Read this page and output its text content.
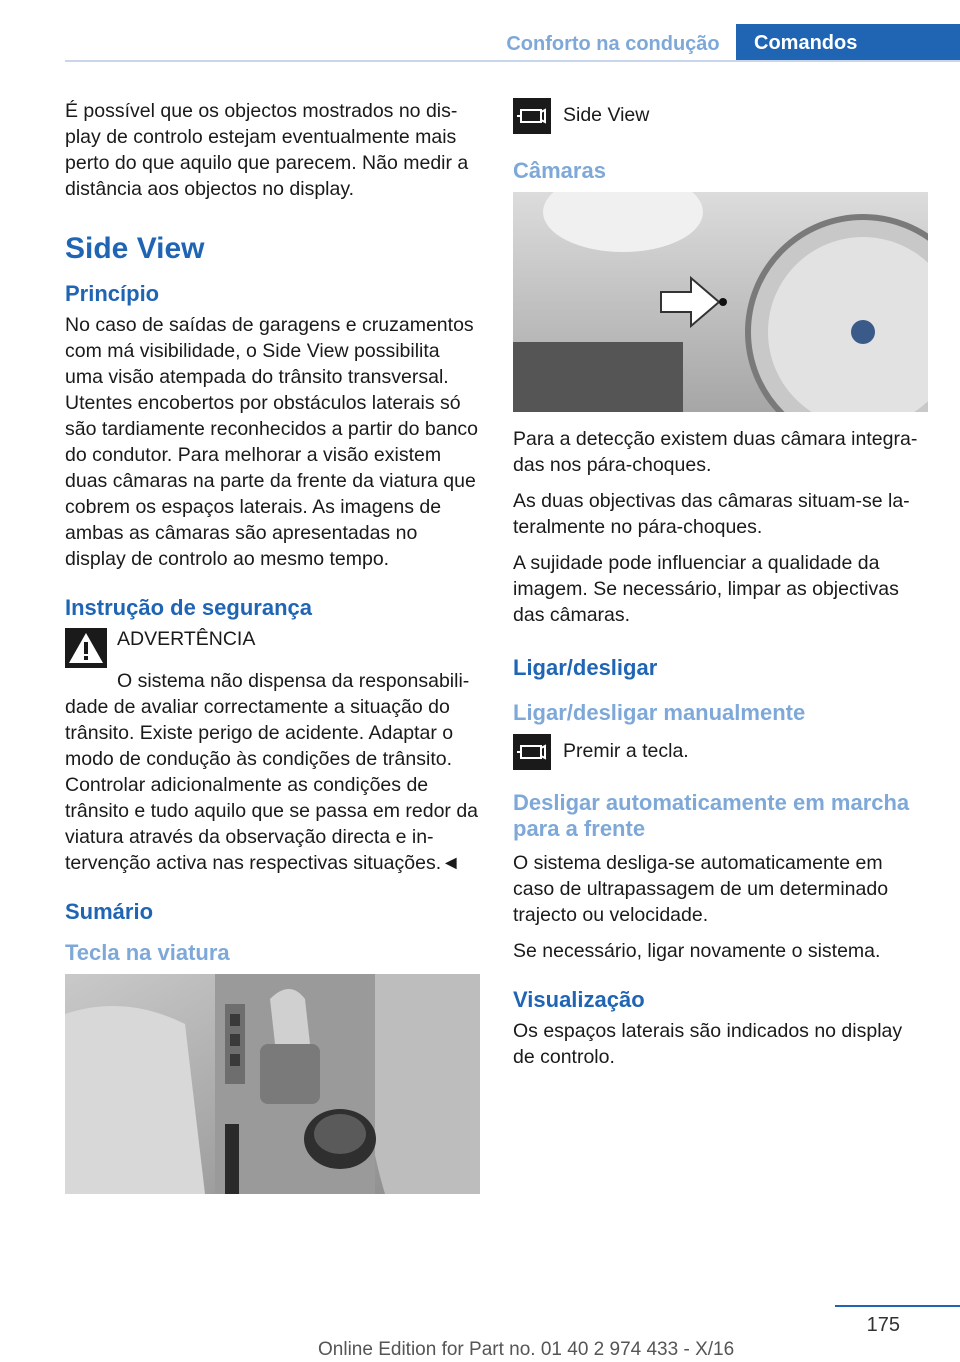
Conforto na condução	Comandos

É possível que os objectos mostrados no display de controlo estejam eventualmente mais perto do que aquilo que parecem. Não medir a distância aos objectos no display.

Side View
Princípio

No caso de saídas de garagens e cruzamentos com má visibilidade, o Side View possibilita uma visão atempada do trânsito transversal. Utentes encobertos por obstáculos laterais só são tardiamente reconhecidos a partir do banco do condutor. Para melhorar a visão existem duas câmaras na parte da frente da viatura que cobrem os espaços laterais. As imagens de ambas as câmaras são apresentadas no display de controlo ao mesmo tempo.

Instrução de segurança

ADVERTÊNCIA

O sistema não dispensa da responsabilidade de avaliar correctamente a situação do trânsito. Existe perigo de acidente. Adaptar o modo de condução às condições de trânsito. Controlar adicionalmente as condições de trânsito e tudo aquilo que se passa em redor da viatura através da observação directa e intervenção activa nas respectivas situações.◄

Sumário
Tecla na viatura

Side View

Câmaras

Para a detecção existem duas câmara integradas nos pára-choques.

As duas objectivas das câmaras situam-se lateralmente no pára-choques.

A sujidade pode influenciar a qualidade da imagem. Se necessário, limpar as objectivas das câmaras.

Ligar/desligar
Ligar/desligar manualmente

Premir a tecla.

Desligar automaticamente em marcha para a frente

O sistema desliga-se automaticamente em caso de ultrapassagem de um determinado trajecto ou velocidade.

Se necessário, ligar novamente o sistema.

Visualização

Os espaços laterais são indicados no display de controlo.

175
Online Edition for Part no. 01 40 2 974 433 - X/16
